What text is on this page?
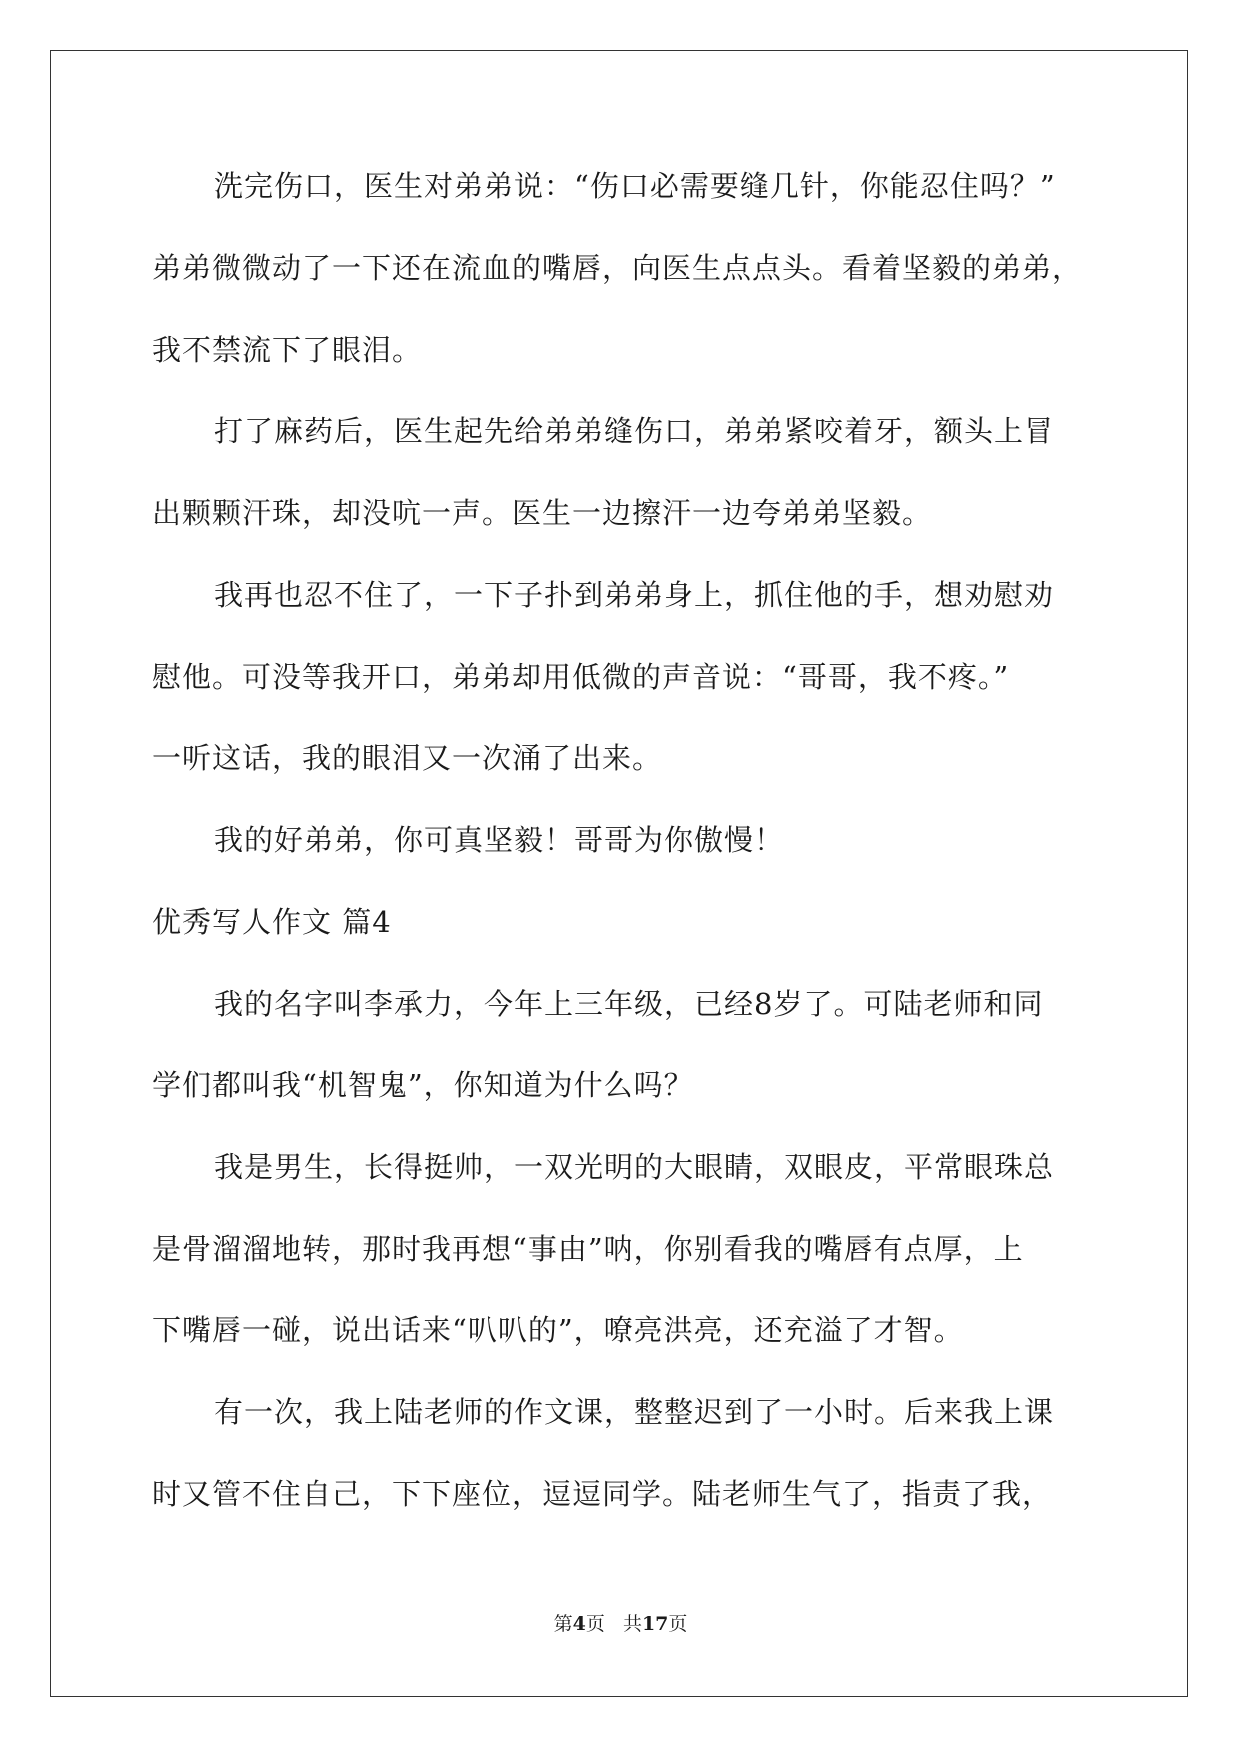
洗完伤口，医生对弟弟说：“伤口必需要缝几针，你能忍住吗？”
弟弟微微动了一下还在流血的嘴唇，向医生点点头。看着坚毅的弟弟，
我不禁流下了眼泪。
打了麻药后，医生起先给弟弟缝伤口，弟弟紧咬着牙，额头上冒
出颗颗汗珠，却没吭一声。医生一边擦汗一边夸弟弟坚毅。
我再也忍不住了，一下子扑到弟弟身上，抓住他的手，想劝慰劝
慰他。可没等我开口，弟弟却用低微的声音说：“哥哥，我不疼。”
一听这话，我的眼泪又一次涌了出来。
我的好弟弟，你可真坚毅！哥哥为你傲慢！
优秀写人作文 篇4
我的名字叫李承力，今年上三年级，已经8岁了。可陆老师和同
学们都叫我“机智鬼”，你知道为什么吗？
我是男生，长得挺帅，一双光明的大眼睛，双眼皮，平常眼珠总
是骨溜溜地转，那时我再想“事由”呐，你别看我的嘴唇有点厚，上
下嘴唇一碰，说出话来“叭叭的”，嘹亮洪亮，还充溢了才智。
有一次，我上陆老师的作文课，整整迟到了一小时。后来我上课
时又管不住自己，下下座位，逗逗同学。陆老师生气了，指责了我，
第4页   共17页
